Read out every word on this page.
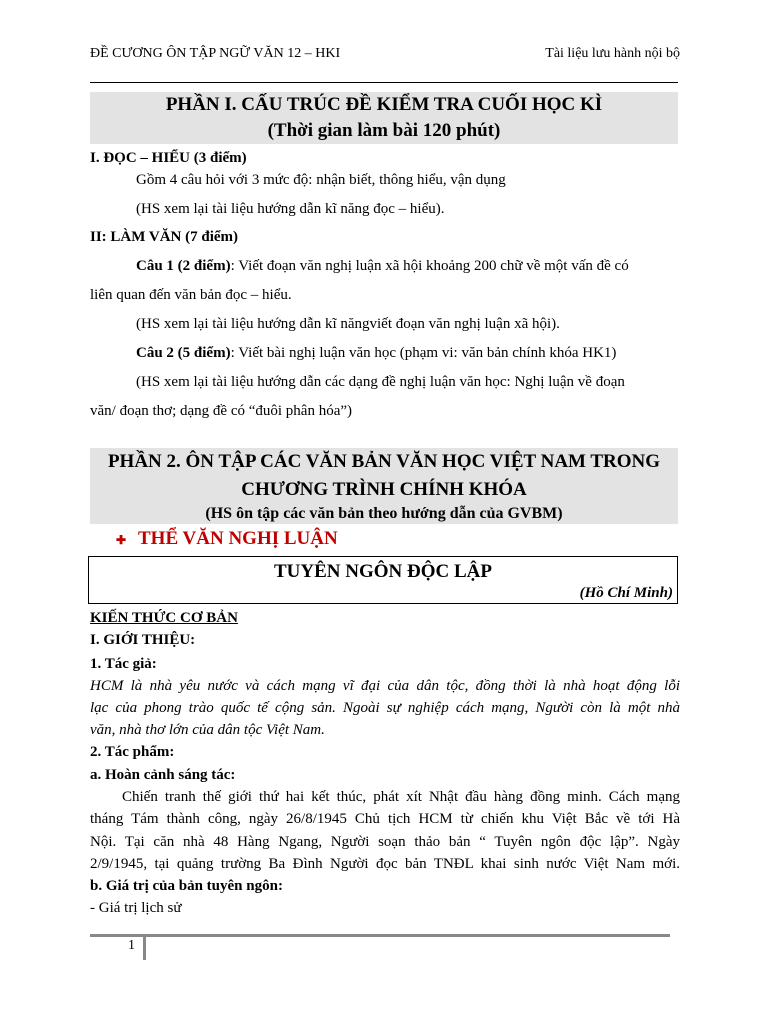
ĐỀ CƯƠNG ÔN TẬP NGỮ VĂN 12 – HKI	Tài liệu lưu hành nội bộ
PHẦN I. CẤU TRÚC ĐỀ KIỂM TRA CUỐI HỌC KÌ
(Thời gian làm bài 120 phút)
I. ĐỌC – HIỂU (3 điểm)
Gồm 4 câu hỏi với 3 mức độ: nhận biết, thông hiểu, vận dụng
(HS xem lại tài liệu hướng dẫn kĩ năng đọc – hiểu).
II: LÀM VĂN (7 điểm)
Câu 1 (2 điểm): Viết đoạn văn nghị luận xã hội khoảng 200 chữ về một vấn đề có
liên quan đến văn bản đọc – hiểu.
(HS xem lại tài liệu hướng dẫn kĩ năngviết đoạn văn nghị luận xã hội).
Câu 2 (5 điểm): Viết bài nghị luận văn học (phạm vi: văn bản chính khóa HK1)
(HS xem lại tài liệu hướng dẫn các dạng đề nghị luận văn học: Nghị luận về đoạn
văn/ đoạn thơ; dạng đề có “đuôi phân hóa”)
PHẦN 2. ÔN TẬP CÁC VĂN BẢN VĂN HỌC VIỆT NAM TRONG
CHƯƠNG TRÌNH CHÍNH KHÓA
(HS ôn tập các văn bản theo hướng dẫn của GVBM)
✚ THỂ VĂN NGHỊ LUẬN
TUYÊN NGÔN ĐỘC LẬP
(Hồ Chí Minh)
KIẾN THỨC CƠ BẢN
I. GIỚI THIỆU:
1. Tác giả:
HCM là nhà yêu nước và cách mạng vĩ đại của dân tộc, đồng thời là nhà hoạt động lỗi
lạc của phong trào quốc tế cộng sản. Ngoài sự nghiệp cách mạng, Người còn là một nhà
văn, nhà thơ lớn của dân tộc Việt Nam.
2. Tác phẩm:
a. Hoàn cảnh sáng tác:
Chiến tranh thế giới thứ hai kết thúc, phát xít Nhật đầu hàng đồng minh. Cách mạng
tháng Tám thành công, ngày 26/8/1945 Chủ tịch HCM từ chiến khu Việt Bắc về tới Hà
Nội. Tại căn nhà 48 Hàng Ngang, Người soạn thảo bản “ Tuyên ngôn độc lập”. Ngày
2/9/1945, tại quảng trường Ba Đình Người đọc bản TNĐL khai sinh nước Việt Nam mới.
b. Giá trị của bản tuyên ngôn:
- Giá trị lịch sử
1
